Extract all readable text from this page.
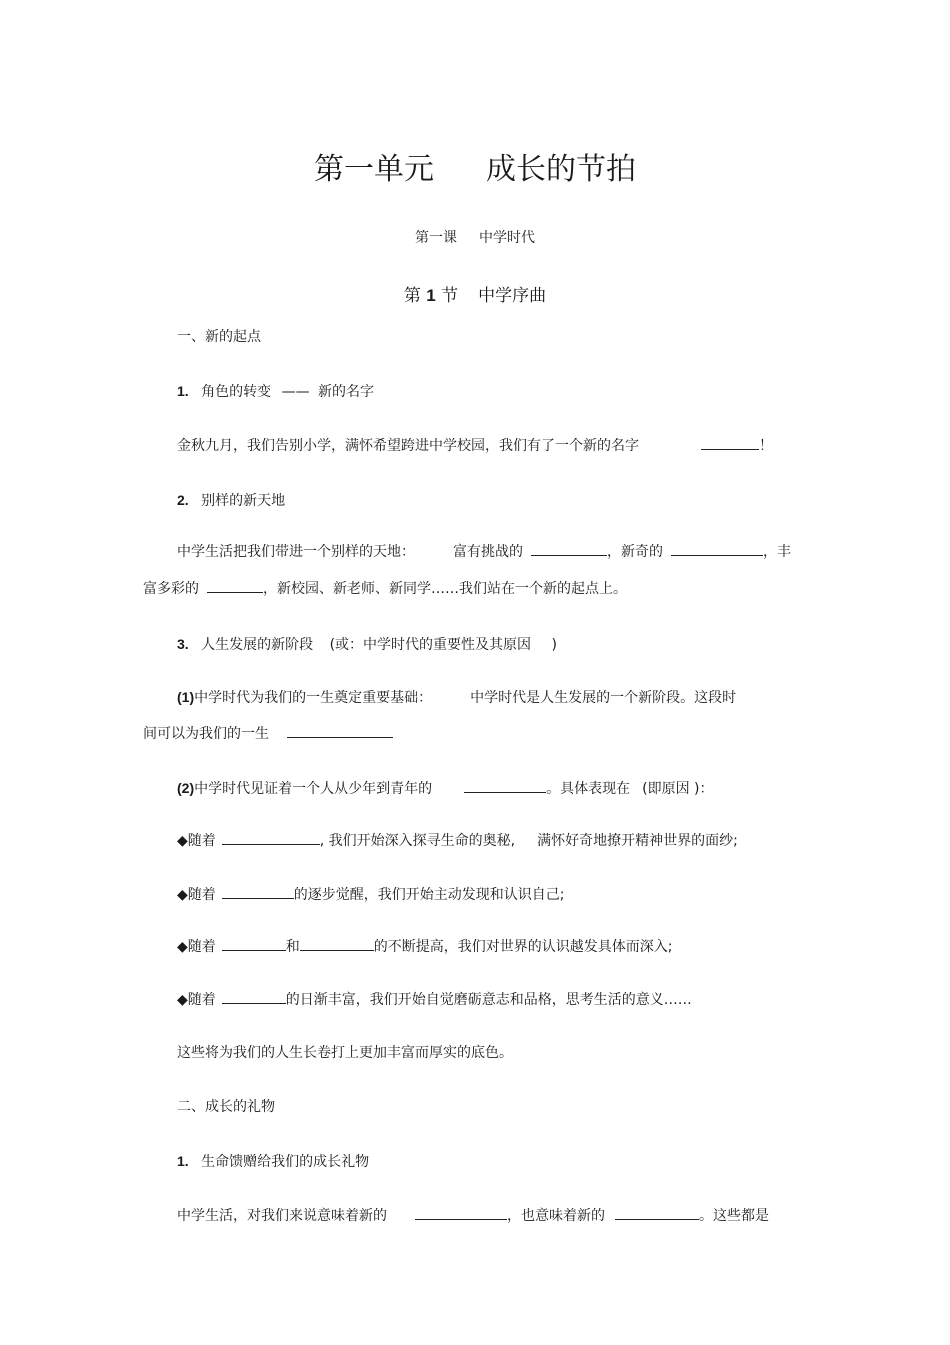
第一单元 成长的节拍
第一课 中学时代
第 1 节 中学序曲
一、新的起点
1. 角色的转变 —— 新的名字
金秋九月，我们告别小学，满怀希望跨进中学校园，我们有了一个新的名字	！
2. 别样的新天地
中学生活把我们带进一个别样的天地：	富有挑战的	，新奇的	，丰
富多彩的	，新校园、新老师、新同学……我们站在一个新的起点上。
3. 人生发展的新阶段 (或：中学时代的重要性及其原因 )
(1)中学时代为我们的一生奠定重要基础：	中学时代是人生发展的一个新阶段。这段时
间可以为我们的一生
(2)中学时代见证着一个人从少年到青年的	。具体表现在 (即原因 )：
◆随着	, 我们开始深入探寻生命的奥秘, 满怀好奇地撩开精神世界的面纱;
◆随着	的逐步觉醒，我们开始主动发现和认识自己;
◆随着	和	的不断提高，我们对世界的认识越发具体而深入;
◆随着	的日渐丰富，我们开始自觉磨砺意志和品格，思考生活的意义……
这些将为我们的人生长卷打上更加丰富而厚实的底色。
二、成长的礼物
1. 生命馈赠给我们的成长礼物
中学生活，对我们来说意味着新的	，也意味着新的	。这些都是
